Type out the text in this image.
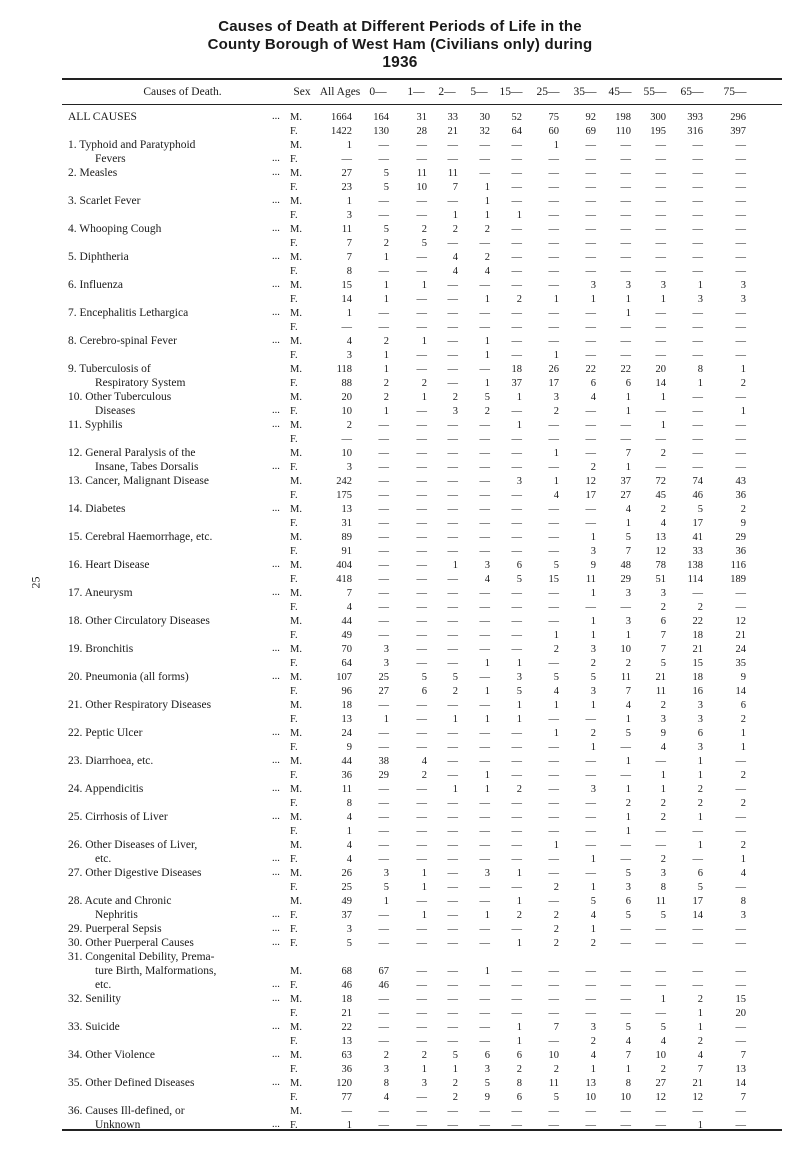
Causes of Death at Different Periods of Life in the
County Borough of West Ham (Civilians only) during
1936
Causes of Death.	Sex All Ages 0— 1— 2— 5— 15— 25— 35— 45— 55— 65— 75—
25
ALL CAUSES	... M.	1664	164	31	33	30	52	75	92	198	300	393	296
F.	1422	130	28	21	32	64	60	69	110	195	316	397
1. Typhoid and Paratyphoid	M.	1	—	—	—	—	—	1	—	—	—	—	—
Fevers	... F.	—	—	—	—	—	—	—	—	—	—	—	—
2. Measles	... M.	27	5	11	11	—	—	—	—	—	—	—	—
F.	23	5	10	7	1	—	—	—	—	—	—	—
3. Scarlet Fever	... M.	1	—	—	—	1	—	—	—	—	—	—	—
F.	3	—	—	1	1	1	—	—	—	—	—	—
4. Whooping Cough	... M.	11	5	2	2	2	—	—	—	—	—	—	—
F.	7	2	5	—	—	—	—	—	—	—	—	—
5. Diphtheria	... M.	7	1	—	4	2	—	—	—	—	—	—	—
F.	8	—	—	4	4	—	—	—	—	—	—	—
6. Influenza	... M.	15	1	1	—	—	—	—	3	3	3	1	3
F.	14	1	—	—	1	2	1	1	1	1	3	3
7. Encephalitis Lethargica	... M.	1	—	—	—	—	—	—	—	1	—	—	—
F.	—	—	—	—	—	—	—	—	—	—	—	—
8. Cerebro-spinal Fever	... M.	4	2	1	—	1	—	—	—	—	—	—	—
F.	3	1	—	—	1	—	1	—	—	—	—	—
9. Tuberculosis of	M.	118	1	—	—	—	18	26	22	22	20	8	1
Respiratory System	F.	88	2	2	—	1	37	17	6	6	14	1	2
10. Other Tuberculous	M.	20	2	1	2	5	1	3	4	1	1	—	—
Diseases	... F.	10	1	—	3	2	—	2	—	1	—	—	1
11. Syphilis	... M.	2	—	—	—	—	1	—	—	—	1	—	—
F.	—	—	—	—	—	—	—	—	—	—	—	—
12. General Paralysis of the	M.	10	—	—	—	—	—	1	—	7	2	—	—
Insane, Tabes Dorsalis	... F.	3	—	—	—	—	—	—	2	1	—	—	—
13. Cancer, Malignant Disease	M.	242	—	—	—	—	3	1	12	37	72	74	43
F.	175	—	—	—	—	—	4	17	27	45	46	36
14. Diabetes	... M.	13	—	—	—	—	—	—	—	4	2	5	2
F.	31	—	—	—	—	—	—	—	1	4	17	9
15. Cerebral Haemorrhage, etc.	M.	89	—	—	—	—	—	—	1	5	13	41	29
F.	91	—	—	—	—	—	—	3	7	12	33	36
16. Heart Disease	... M.	404	—	—	1	3	6	5	9	48	78	138	116
F.	418	—	—	—	4	5	15	11	29	51	114	189
17. Aneurysm	... M.	7	—	—	—	—	—	—	1	3	3	—	—
F.	4	—	—	—	—	—	—	—	—	2	2	—
18. Other Circulatory Diseases	M.	44	—	—	—	—	—	—	1	3	6	22	12
F.	49	—	—	—	—	—	1	1	1	7	18	21
19. Bronchitis	... M.	70	3	—	—	—	—	2	3	10	7	21	24
F.	64	3	—	—	1	1	—	2	2	5	15	35
20. Pneumonia (all forms)	... M.	107	25	5	5	—	3	5	5	11	21	18	9
F.	96	27	6	2	1	5	4	3	7	11	16	14
21. Other Respiratory Diseases	M.	18	—	—	—	—	1	1	1	4	2	3	6
F.	13	1	—	1	1	1	—	—	1	3	3	2
22. Peptic Ulcer	... M.	24	—	—	—	—	—	1	2	5	9	6	1
F.	9	—	—	—	—	—	—	1	—	4	3	1
23. Diarrhoea, etc.	... M.	44	38	4	—	—	—	—	—	1	—	1	—
F.	36	29	2	—	1	—	—	—	—	1	1	2
24. Appendicitis	... M.	11	—	—	1	1	2	—	3	1	1	2	—
F.	8	—	—	—	—	—	—	—	2	2	2	2
25. Cirrhosis of Liver	... M.	4	—	—	—	—	—	—	—	1	2	1	—
F.	1	—	—	—	—	—	—	—	1	—	—	—
26. Other Diseases of Liver,	M.	4	—	—	—	—	—	1	—	—	—	1	2
etc.	... F.	4	—	—	—	—	—	—	1	—	2	—	1
27. Other Digestive Diseases	... M.	26	3	1	—	3	1	—	—	5	3	6	4
F.	25	5	1	—	—	—	2	1	3	8	5	—
28. Acute and Chronic	M.	49	1	—	—	—	1	—	5	6	11	17	8
Nephritis	... F.	37	—	1	—	1	2	2	4	5	5	14	3
29. Puerperal Sepsis	... F.	3	—	—	—	—	—	2	1	—	—	—	—
30. Other Puerperal Causes	... F.	5	—	—	—	—	1	2	2	—	—	—	—
31. Congenital Debility, Prema-
ture Birth, Malformations,	M.	68	67	—	—	1	—	—	—	—	—	—	—
etc.	... F.	46	46	—	—	—	—	—	—	—	—	—	—
32. Senility	... M.	18	—	—	—	—	—	—	—	—	1	2	15
F.	21	—	—	—	—	—	—	—	—	—	1	20
33. Suicide	... M.	22	—	—	—	—	1	7	3	5	5	1	—
F.	13	—	—	—	—	1	—	2	4	4	2	—
34. Other Violence	... M.	63	2	2	5	6	6	10	4	7	10	4	7
F.	36	3	1	1	3	2	2	1	1	2	7	13
35. Other Defined Diseases	... M.	120	8	3	2	5	8	11	13	8	27	21	14
F.	77	4	—	2	9	6	5	10	10	12	12	7
36. Causes Ill-defined, or	M.	—	—	—	—	—	—	—	—	—	—	—	—
Unknown	... F.	1	—	—	—	—	—	—	—	—	—	1	—
